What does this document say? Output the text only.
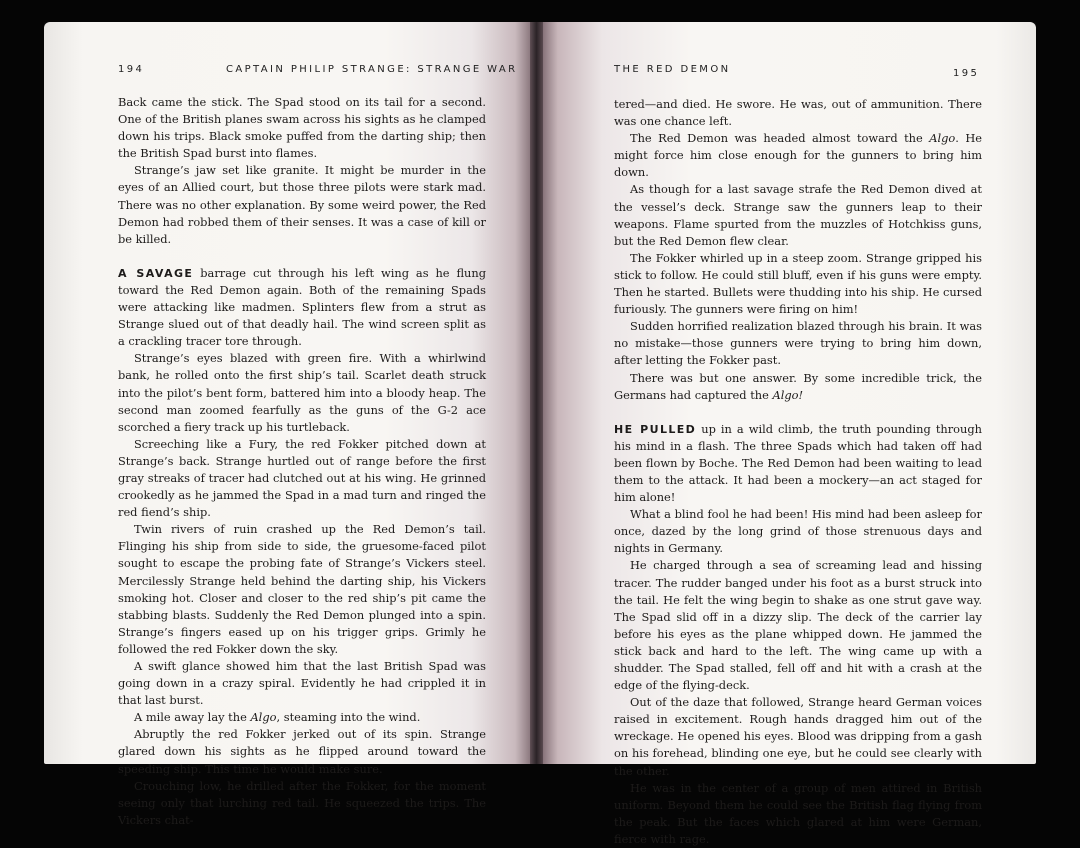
194	CAPTAIN PHILIP STRANGE: STRANGE WAR

Back came the stick. The Spad stood on its tail for a second. One of the British planes swam across his sights as he clamped down his trips. Black smoke puffed from the darting ship; then the British Spad burst into flames.

Strange’s jaw set like granite. It might be murder in the eyes of an Allied court, but those three pilots were stark mad. There was no other explanation. By some weird power, the Red Demon had robbed them of their senses. It was a case of kill or be killed.

A SAVAGE barrage cut through his left wing as he flung toward the Red Demon again. Both of the remaining Spads were attacking like madmen. Splinters flew from a strut as Strange slued out of that deadly hail. The wind screen split as a crackling tracer tore through.

Strange’s eyes blazed with green fire. With a whirlwind bank, he rolled onto the first ship’s tail. Scarlet death struck into the pilot’s bent form, battered him into a bloody heap. The second man zoomed fearfully as the guns of the G-2 ace scorched a fiery track up his turtleback.

Screeching like a Fury, the red Fokker pitched down at Strange’s back. Strange hurtled out of range before the first gray streaks of tracer had clutched out at his wing. He grinned crookedly as he jammed the Spad in a mad turn and ringed the red fiend’s ship.

Twin rivers of ruin crashed up the Red Demon’s tail. Flinging his ship from side to side, the gruesome-faced pilot sought to escape the probing fate of Strange’s Vickers steel. Mercilessly Strange held behind the darting ship, his Vickers smoking hot. Closer and closer to the red ship’s pit came the stabbing blasts. Suddenly the Red Demon plunged into a spin. Strange’s fingers eased up on his trigger grips. Grimly he followed the red Fokker down the sky.

A swift glance showed him that the last British Spad was going down in a crazy spiral. Evidently he had crippled it in that last burst.

A mile away lay the Algo, steaming into the wind.

Abruptly the red Fokker jerked out of its spin. Strange glared down his sights as he flipped around toward the speeding ship. This time he would make sure.

Crouching low, he drilled after the Fokker, for the moment seeing only that lurching red tail. He squeezed the trips. The Vickers chat-

THE RED DEMON	195

tered—and died. He swore. He was, out of ammunition. There was one chance left.

The Red Demon was headed almost toward the Algo. He might force him close enough for the gunners to bring him down.

As though for a last savage strafe the Red Demon dived at the vessel’s deck. Strange saw the gunners leap to their weapons. Flame spurted from the muzzles of Hotchkiss guns, but the Red Demon flew clear.

The Fokker whirled up in a steep zoom. Strange gripped his stick to follow. He could still bluff, even if his guns were empty. Then he started. Bullets were thudding into his ship. He cursed furiously. The gunners were firing on him!

Sudden horrified realization blazed through his brain. It was no mistake—those gunners were trying to bring him down, after letting the Fokker past.

There was but one answer. By some incredible trick, the Germans had captured the Algo!

HE PULLED up in a wild climb, the truth pounding through his mind in a flash. The three Spads which had taken off had been flown by Boche. The Red Demon had been waiting to lead them to the attack. It had been a mockery—an act staged for him alone!

What a blind fool he had been! His mind had been asleep for once, dazed by the long grind of those strenuous days and nights in Germany.

He charged through a sea of screaming lead and hissing tracer. The rudder banged under his foot as a burst struck into the tail. He felt the wing begin to shake as one strut gave way. The Spad slid off in a dizzy slip. The deck of the carrier lay before his eyes as the plane whipped down. He jammed the stick back and hard to the left. The wing came up with a shudder. The Spad stalled, fell off and hit with a crash at the edge of the flying-deck.

Out of the daze that followed, Strange heard German voices raised in excitement. Rough hands dragged him out of the wreckage. He opened his eyes. Blood was dripping from a gash on his forehead, blinding one eye, but he could see clearly with the other.

He was in the center of a group of men attired in British uniform. Beyond them he could see the British flag flying from the peak. But the faces which glared at him were German, fierce with rage.
